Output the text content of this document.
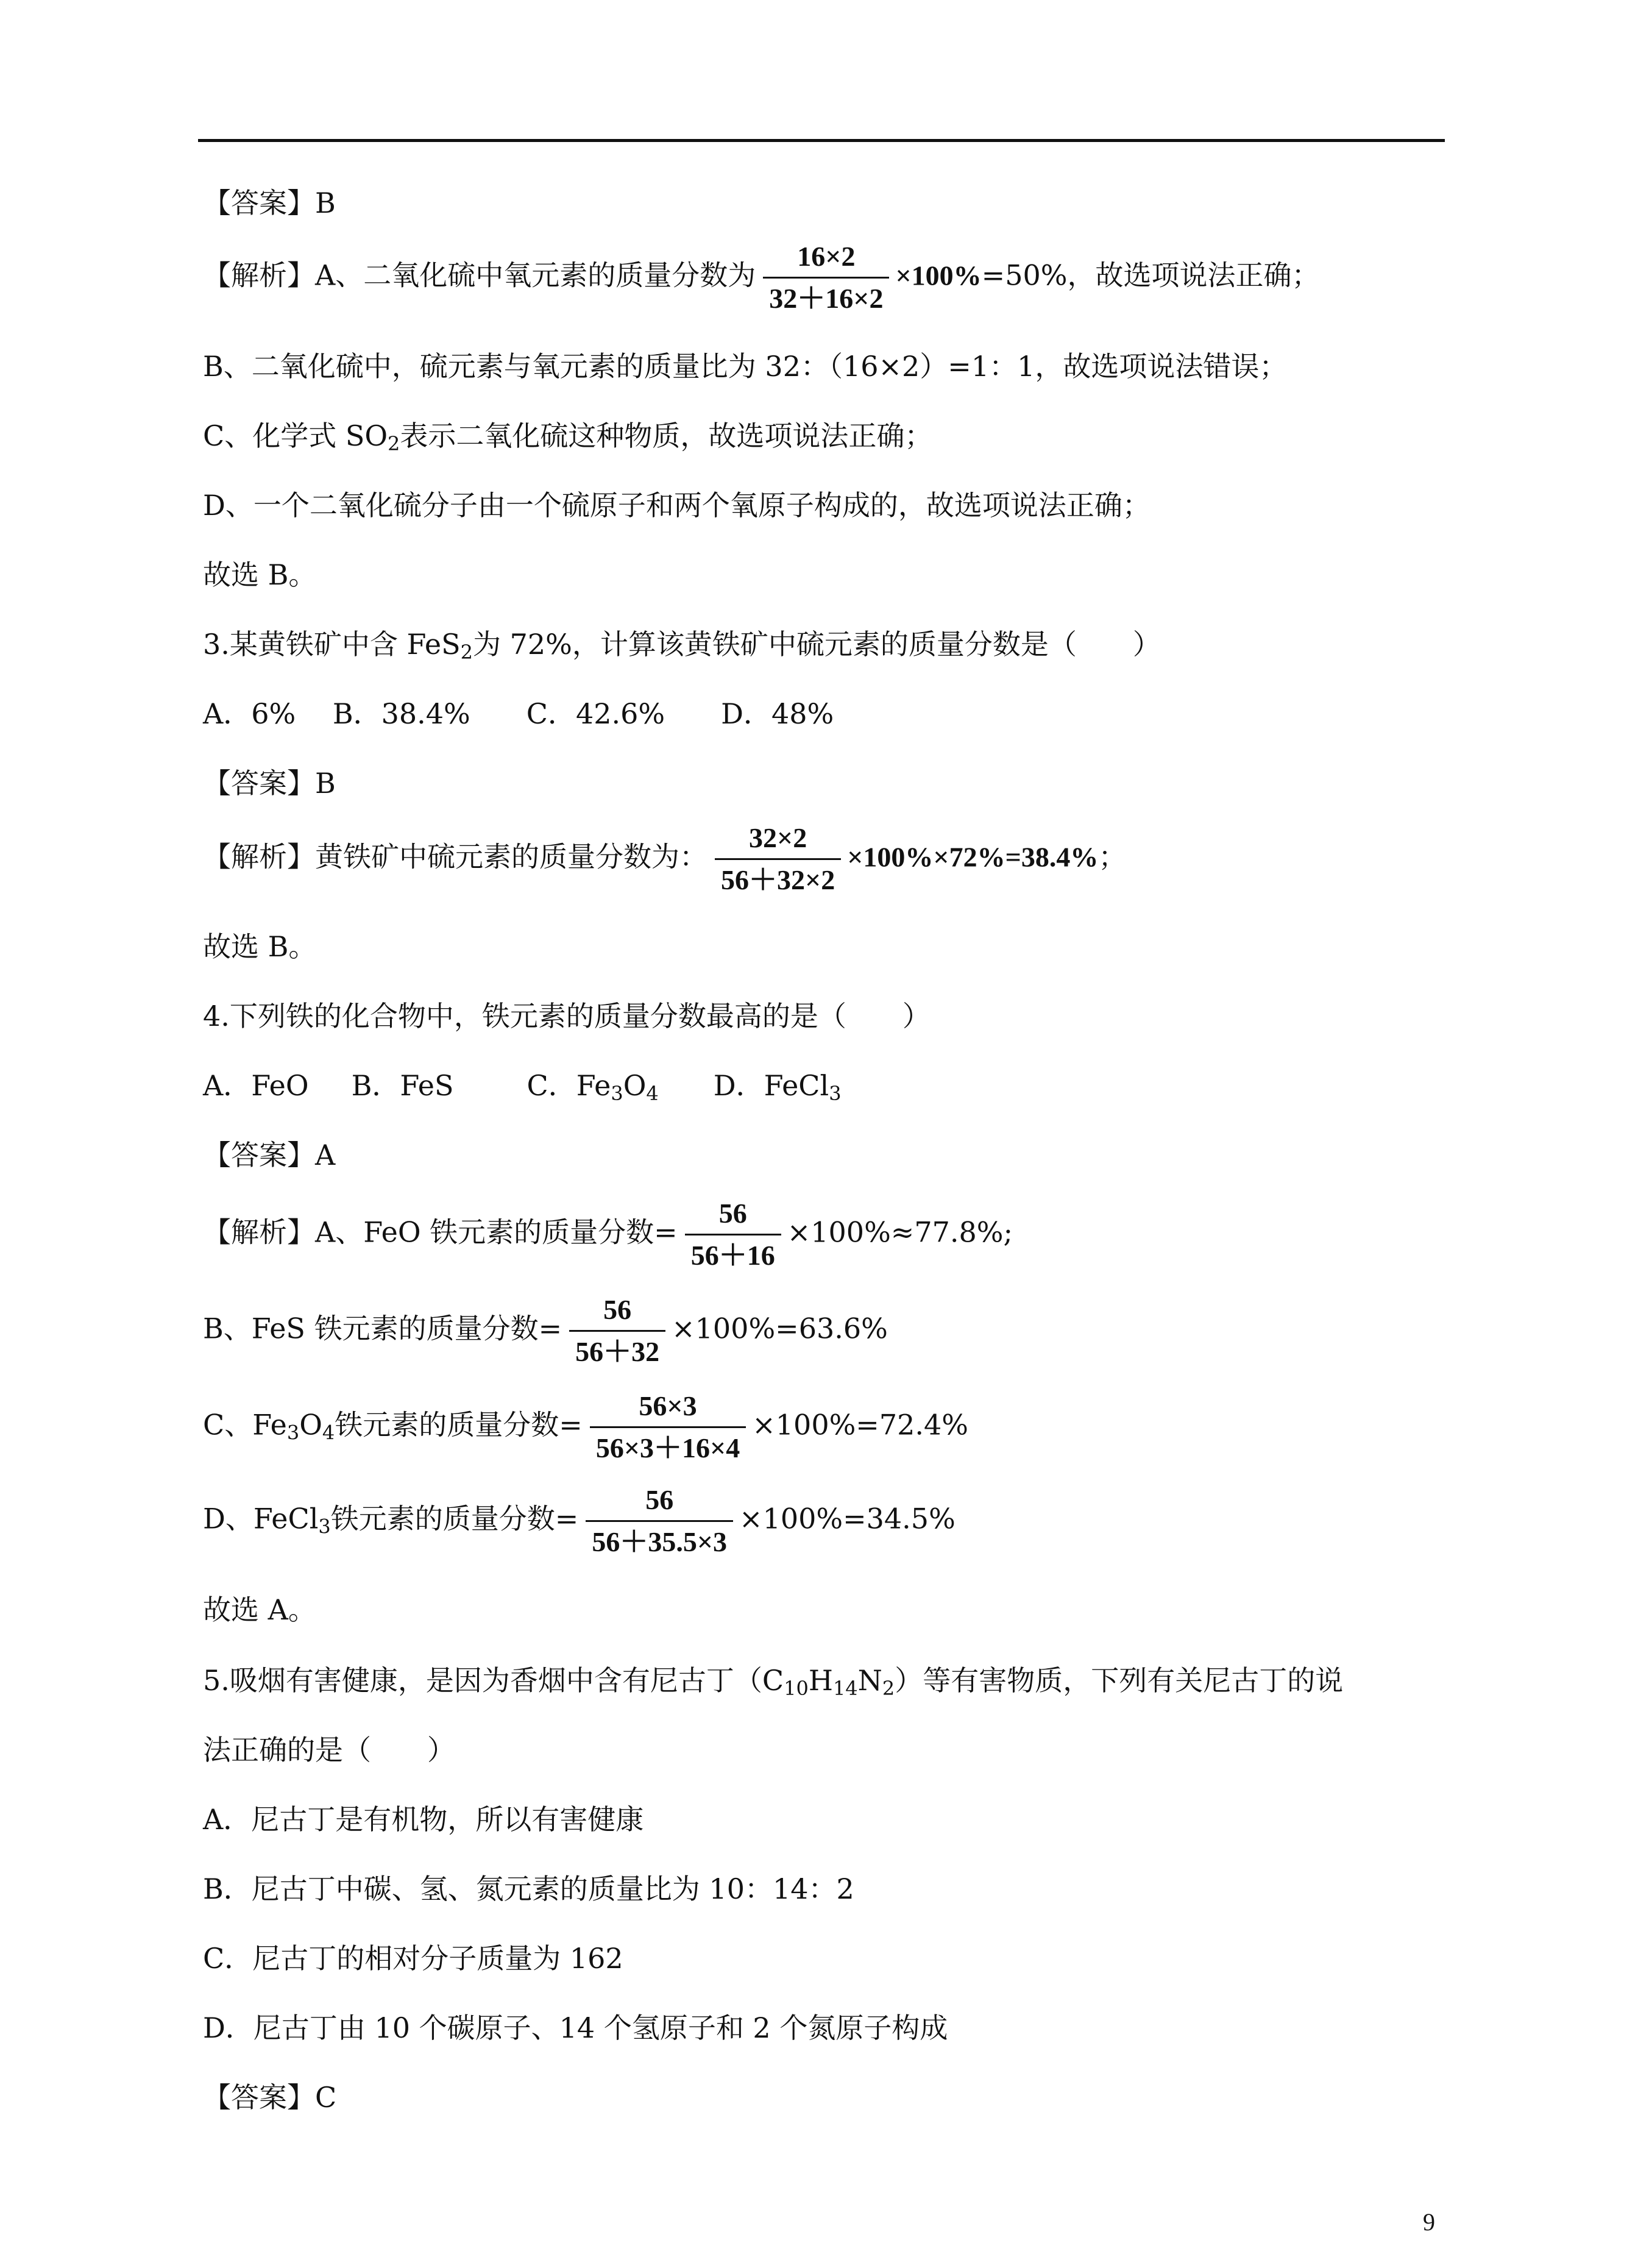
【答案】B
【解析】A、二氧化硫中氧元素的质量分数为 $\frac{16\times 2}{32+16\times 2} \times 100\%=50\%$，故选项说法正确；
B、二氧化硫中，硫元素与氧元素的质量比为 32：（16×2）=1：1，故选项说法错误；
C、化学式 $SO_2$表示二氧化硫这种物质，故选项说法正确；
D、一个二氧化硫分子由一个硫原子和两个氧原子构成的，故选项说法正确；
故选 B。
3.某黄铁矿中含 FeS$_2$为 72%，计算该黄铁矿中硫元素的质量分数是（　　）
A．6%　 B．38.4%　　C．42.6%　　D．48%
【答案】B
【解析】黄铁矿中硫元素的质量分数为： $\frac{32\times 2}{56+32\times 2} \times 100\%\times 72\%=38.4\%$；
故选 B。
4.下列铁的化合物中，铁元素的质量分数最高的是（　　）
A．FeO B．FeS	C．$Fe_3O_4$ D．FeCl$_3$
【答案】A
【解析】A、FeO 铁元素的质量分数= $\frac{56}{56+16} \times 100\%\approx 77.8\%$;
B、FeS 铁元素的质量分数= $\frac{56}{56+32} \times 100\%=63.6\%$
C、$Fe_3O_4$铁元素的质量分数= $\frac{56\times 3}{56\times 3+16\times 4} \times 100\%=72.4\%$
D、FeCl$_3$铁元素的质量分数= $\frac{56}{56+35.5\times 3} \times 100\%=34.5\%$
故选 A。
5.吸烟有害健康，是因为香烟中含有尼古丁$(C_{10}H_{14}N_2)$等有害物质，下列有关尼古丁的说
法正确的是（　　）
A．尼古丁是有机物，所以有害健康
B．尼古丁中碳、氢、氮元素的质量比为 10：14：2
C．尼古丁的相对分子质量为 162
D．尼古丁由 10 个碳原子、14 个氢原子和 2 个氮原子构成
【答案】C
9
